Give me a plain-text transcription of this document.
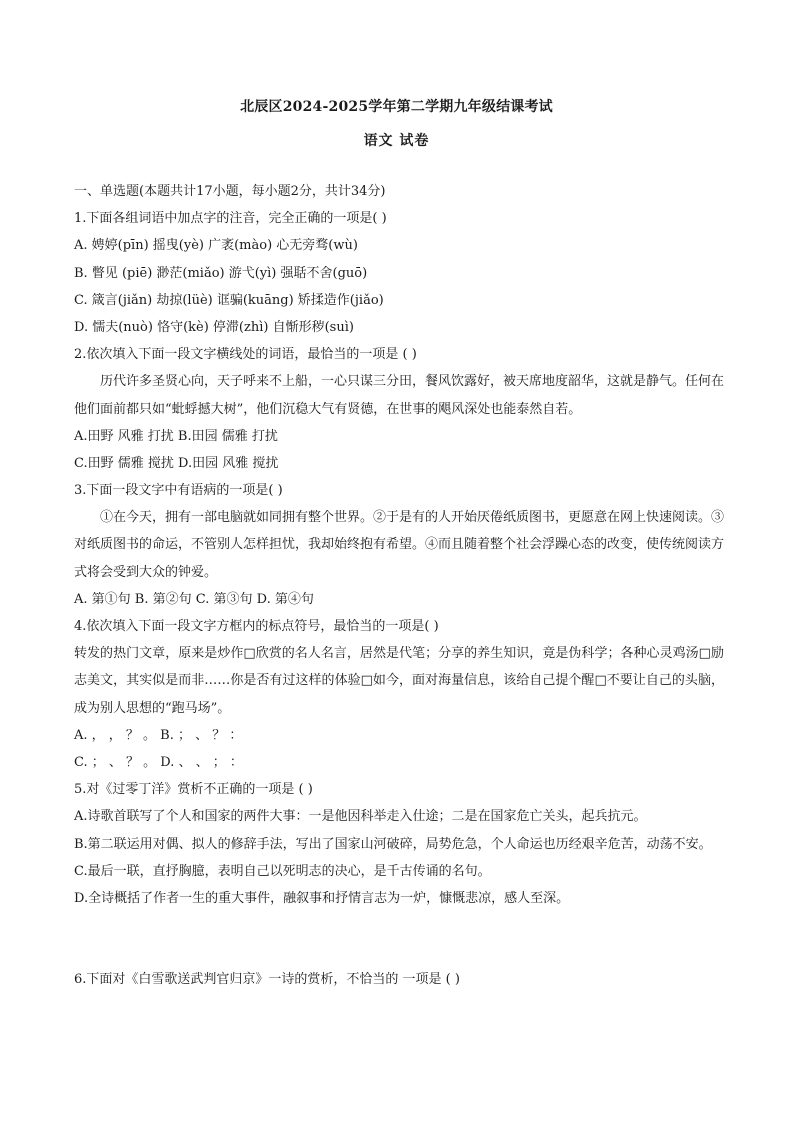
北辰区2024-2025学年第二学期九年级结课考试
语文 试卷
一、单选题(本题共计17小题，每小题2分，共计34分)
1.下面各组词语中加点字的注音，完全正确的一项是( )
A. 娉婷(pīn) 摇曳(yè) 广袤(mào) 心无旁骛(wù)
B. 瞥见 (piē) 渺茫(miǎo) 游弋(yì) 强聒不舍(guō)
C. 箴言(jiǎn) 劫掠(lüè) 诓骗(kuāng) 矫揉造作(jiǎo)
D. 懦夫(nuò) 恪守(kè) 停滞(zhì) 自惭形秽(suì)
2.依次填入下面一段文字横线处的词语，最恰当的一项是 ( )
历代许多圣贤心向，天子呼来不上船，一心只谋三分田，餐风饮露好，被天席地度韶华，这就是静气。任何在他们面前都只如“蚍蜉撼大树”，他们沉稳大气有贤德，在世事的飓风深处也能泰然自若。
A.田野 风雅 打扰 B.田园 儒雅 打扰
C.田野 儒雅 搅扰 D.田园 风雅 搅扰
3.下面一段文字中有语病的一项是( )
①在今天，拥有一部电脑就如同拥有整个世界。②于是有的人开始厌倦纸质图书，更愿意在网上快速阅读。③对纸质图书的命运，不管别人怎样担忧，我却始终抱有希望。④而且随着整个社会浮躁心态的改变，使传统阅读方式将会受到大众的钟爱。
A. 第①句 B. 第②句 C. 第③句 D. 第④句
4.依次填入下面一段文字方框内的标点符号，最恰当的一项是( )
转发的热门文章，原来是炒作□欣赏的名人名言，居然是代笔；分享的养生知识，竟是伪科学；各种心灵鸡汤□励志美文，其实似是而非……你是否有过这样的体验□如今，面对海量信息，该给自己提个醒□不要让自己的头脑，成为别人思想的“跑马场”。
A. ， ， ？ 。 B. ； 、 ？ ：
C. ； 、 ？ 。 D. 、 、 ； ：
5.对《过零丁洋》赏析不正确的一项是 ( )
A.诗歌首联写了个人和国家的两件大事：一是他因科举走入仕途；二是在国家危亡关头，起兵抗元。
B.第二联运用对偶、拟人的修辞手法，写出了国家山河破碎，局势危急，个人命运也历经艰辛危苦，动荡不安。
C.最后一联，直抒胸臆，表明自己以死明志的决心，是千古传诵的名句。
D.全诗概括了作者一生的重大事件，融叙事和抒情言志为一炉，慷慨悲凉，感人至深。
6.下面对《白雪歌送武判官归京》一诗的赏析，不恰当的 一项是 ( )
